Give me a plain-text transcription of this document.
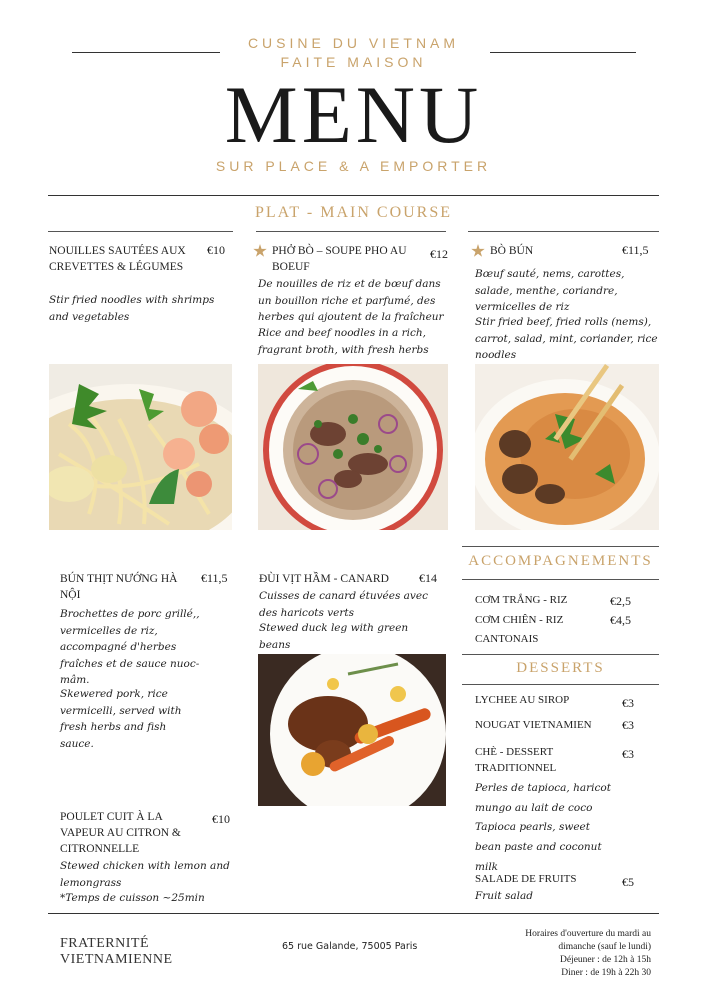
CUSINE DU VIETNAM
FAITE MAISON
MENU
SUR PLACE & A EMPORTER
PLAT - MAIN COURSE
NOUILLES SAUTÉES AUX CREVETTES & LÉGUMES
€10
Stir fried noodles with shrimps and vegetables
PHỞ BÒ – SOUPE PHO AU BOEUF
€12
De nouilles de riz et de bœuf dans un bouillon riche et parfumé, des herbes qui ajoutent de la fraîcheur
Rice and beef noodles in a rich, fragrant broth, with fresh herbs
BÒ BÚN	€11,5
Bœuf sauté, nems, carottes, salade, menthe, coriandre, vermicelles de riz
Stir fried beef, fried rolls (nems), carrot, salad, mint, coriander, rice noodles
BÚN THỊT NƯỚNG HÀ NỘI
€11,5
Brochettes de porc grillé,, vermicelles de riz, accompagné d'herbes fraîches et de sauce nuoc-mâm.
Skewered pork, rice vermicelli, served with fresh herbs and fish sauce.
ĐÙI VỊT HẦM - CANARD	€14
Cuisses de canard étuvées avec des haricots verts
Stewed duck leg with green beans
POULET CUIT À LA VAPEUR AU CITRON & CITRONNELLE
€10
Stewed chicken with lemon and lemongrass
*Temps de cuisson ~25min
ACCOMPAGNEMENTS
CƠM TRẮNG - RIZ	€2,5
CƠM CHIÊN - RIZ CANTONAIS
€4,5
DESSERTS
LYCHEE AU SIROP	€3
NOUGAT VIETNAMIEN	€3
CHÈ - DESSERT TRADITIONNEL
€3
Perles de tapioca, haricot mungo au lait de coco
Tapioca pearls, sweet bean paste and coconut milk
SALADE DE FRUITS	€5
Fruit salad
FRATERNITÉ VIETNAMIENNE
65 rue Galande, 75005 Paris
Horaires d'ouverture du mardi au dimanche (sauf le lundi)
Déjeuner : de 12h à 15h
Diner : de 19h à 22h 30
